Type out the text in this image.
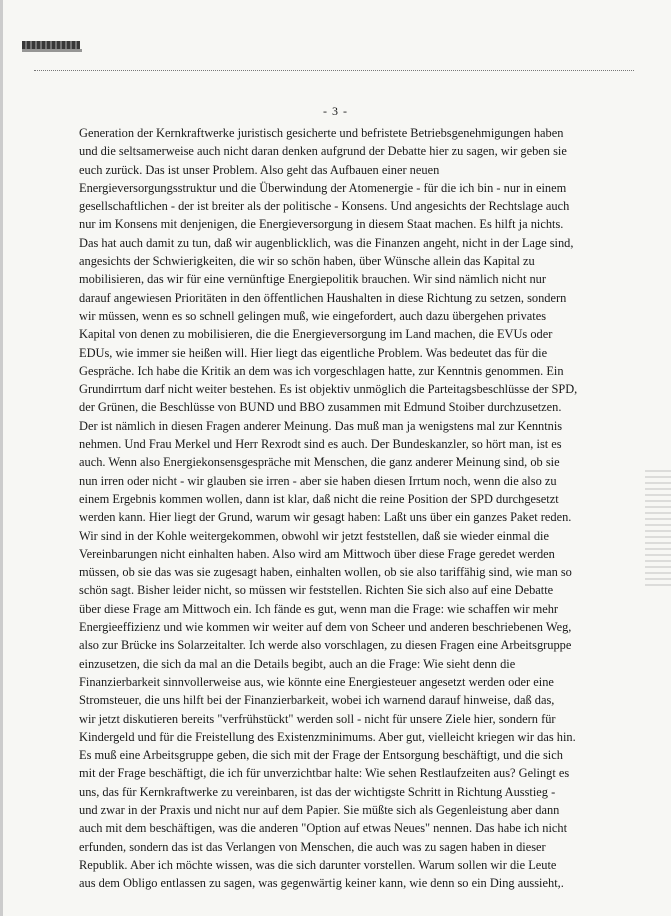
- 3 -
Generation der Kernkraftwerke juristisch gesicherte und befristete Betriebsgenehmigungen haben
und die seltsamerweise auch nicht daran denken aufgrund der Debatte hier zu sagen, wir geben sie
euch zurück. Das ist unser Problem. Also geht das Aufbauen einer neuen
Energieversorgungsstruktur und die Überwindung der Atomenergie - für die ich bin - nur in einem
gesellschaftlichen - der ist breiter als der politische - Konsens. Und angesichts der Rechtslage auch
nur im Konsens mit denjenigen, die Energieversorgung in diesem Staat machen. Es hilft ja nichts.
Das hat auch damit zu tun, daß wir augenblicklich, was die Finanzen angeht, nicht in der Lage sind,
angesichts der Schwierigkeiten, die wir so schön haben, über Wünsche allein das Kapital zu
mobilisieren, das wir für eine vernünftige Energiepolitik brauchen. Wir sind nämlich nicht nur
darauf angewiesen Prioritäten in den öffentlichen Haushalten in diese Richtung zu setzen, sondern
wir müssen, wenn es so schnell gelingen muß, wie eingefordert, auch dazu übergehen privates
Kapital von denen zu mobilisieren, die die Energieversorgung im Land machen, die EVUs oder
EDUs, wie immer sie heißen will. Hier liegt das eigentliche Problem. Was bedeutet das für die
Gespräche. Ich habe die Kritik an dem was ich vorgeschlagen hatte, zur Kenntnis genommen. Ein
Grundirrtum darf nicht weiter bestehen. Es ist objektiv unmöglich die Parteitagsbeschlüsse der SPD,
der Grünen, die Beschlüsse von BUND und BBO zusammen mit Edmund Stoiber durchzusetzen.
Der ist nämlich in diesen Fragen anderer Meinung. Das muß man ja wenigstens mal zur Kenntnis
nehmen. Und Frau Merkel und Herr Rexrodt sind es auch. Der Bundeskanzler, so hört man, ist es
auch. Wenn also Energiekonsensgespräche mit Menschen, die ganz anderer Meinung sind, ob sie
nun irren oder nicht - wir glauben sie irren - aber sie haben diesen Irrtum noch, wenn die also zu
einem Ergebnis kommen wollen, dann ist klar, daß nicht die reine Position der SPD durchgesetzt
werden kann. Hier liegt der Grund, warum wir gesagt haben: Laßt uns über ein ganzes Paket reden.
Wir sind in der Kohle weitergekommen, obwohl wir jetzt feststellen, daß sie wieder einmal die
Vereinbarungen nicht einhalten haben. Also wird am Mittwoch über diese Frage geredet werden
müssen, ob sie das was sie zugesagt haben, einhalten wollen, ob sie also tariffähig sind, wie man so
schön sagt. Bisher leider nicht, so müssen wir feststellen. Richten Sie sich also auf eine Debatte
über diese Frage am Mittwoch ein. Ich fände es gut, wenn man die Frage: wie schaffen wir mehr
Energieeffizienz und wie kommen wir weiter auf dem von Scheer und anderen beschriebenen Weg,
also zur Brücke ins Solarzeitalter. Ich werde also vorschlagen, zu diesen Fragen eine Arbeitsgruppe
einzusetzen, die sich da mal an die Details begibt, auch an die Frage: Wie sieht denn die
Finanzierbarkeit sinnvollerweise aus, wie könnte eine Energiesteuer angesetzt werden oder eine
Stromsteuer, die uns hilft bei der Finanzierbarkeit, wobei ich warnend darauf hinweise, daß das,
wir jetzt diskutieren bereits "verfrühstückt" werden soll - nicht für unsere Ziele hier, sondern für
Kindergeld und für die Freistellung des Existenzminimums. Aber gut, vielleicht kriegen wir das hin.
Es muß eine Arbeitsgruppe geben, die sich mit der Frage der Entsorgung beschäftigt, und die sich
mit der Frage beschäftigt, die ich für unverzichtbar halte: Wie sehen Restlaufzeiten aus? Gelingt es
uns, das für Kernkraftwerke zu vereinbaren, ist das der wichtigste Schritt in Richtung Ausstieg -
und zwar in der Praxis und nicht nur auf dem Papier. Sie müßte sich als Gegenleistung aber dann
auch mit dem beschäftigen, was die anderen "Option auf etwas Neues" nennen. Das habe ich nicht
erfunden, sondern das ist das Verlangen von Menschen, die auch was zu sagen haben in dieser
Republik. Aber ich möchte wissen, was die sich darunter vorstellen. Warum sollen wir die Leute
aus dem Obligo entlassen zu sagen, was gegenwärtig keiner kann, wie denn so ein Ding aussieht,.
